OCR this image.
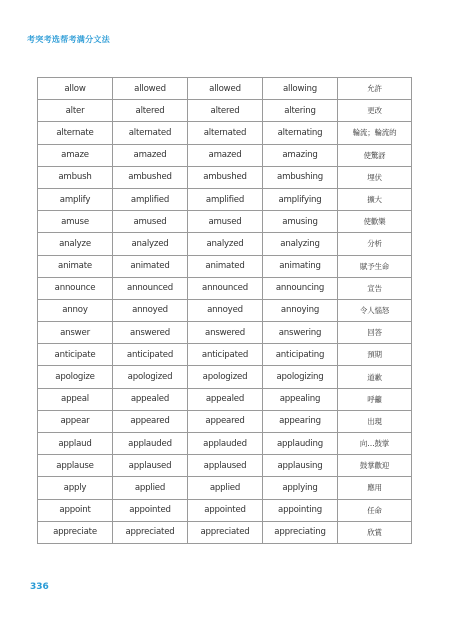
考突考选帮考满分文法
allow	allowed	allowed	allowing	允許
alter	altered	altered	altering	更改
alternate	alternated	alternated	alternating	輪流；輪流的
amaze	amazed	amazed	amazing	使驚訝
ambush	ambushed	ambushed	ambushing	埋伏
amplify	amplified	amplified	amplifying	擴大
amuse	amused	amused	amusing	使歡樂
analyze	analyzed	analyzed	analyzing	分析
animate	animated	animated	animating	賦予生命
announce	announced	announced	announcing	宣告
annoy	annoyed	annoyed	annoying	令人惱怒
answer	answered	answered	answering	回答
anticipate	anticipated	anticipated	anticipating	預期
apologize	apologized	apologized	apologizing	道歉
appeal	appealed	appealed	appealing	呼籲
appear	appeared	appeared	appearing	出現
applaud	applauded	applauded	applauding	向…鼓掌
applause	applaused	applaused	applausing	鼓掌歡迎
apply	applied	applied	applying	應用
appoint	appointed	appointed	appointing	任命
appreciate	appreciated	appreciated	appreciating	欣賞
336
